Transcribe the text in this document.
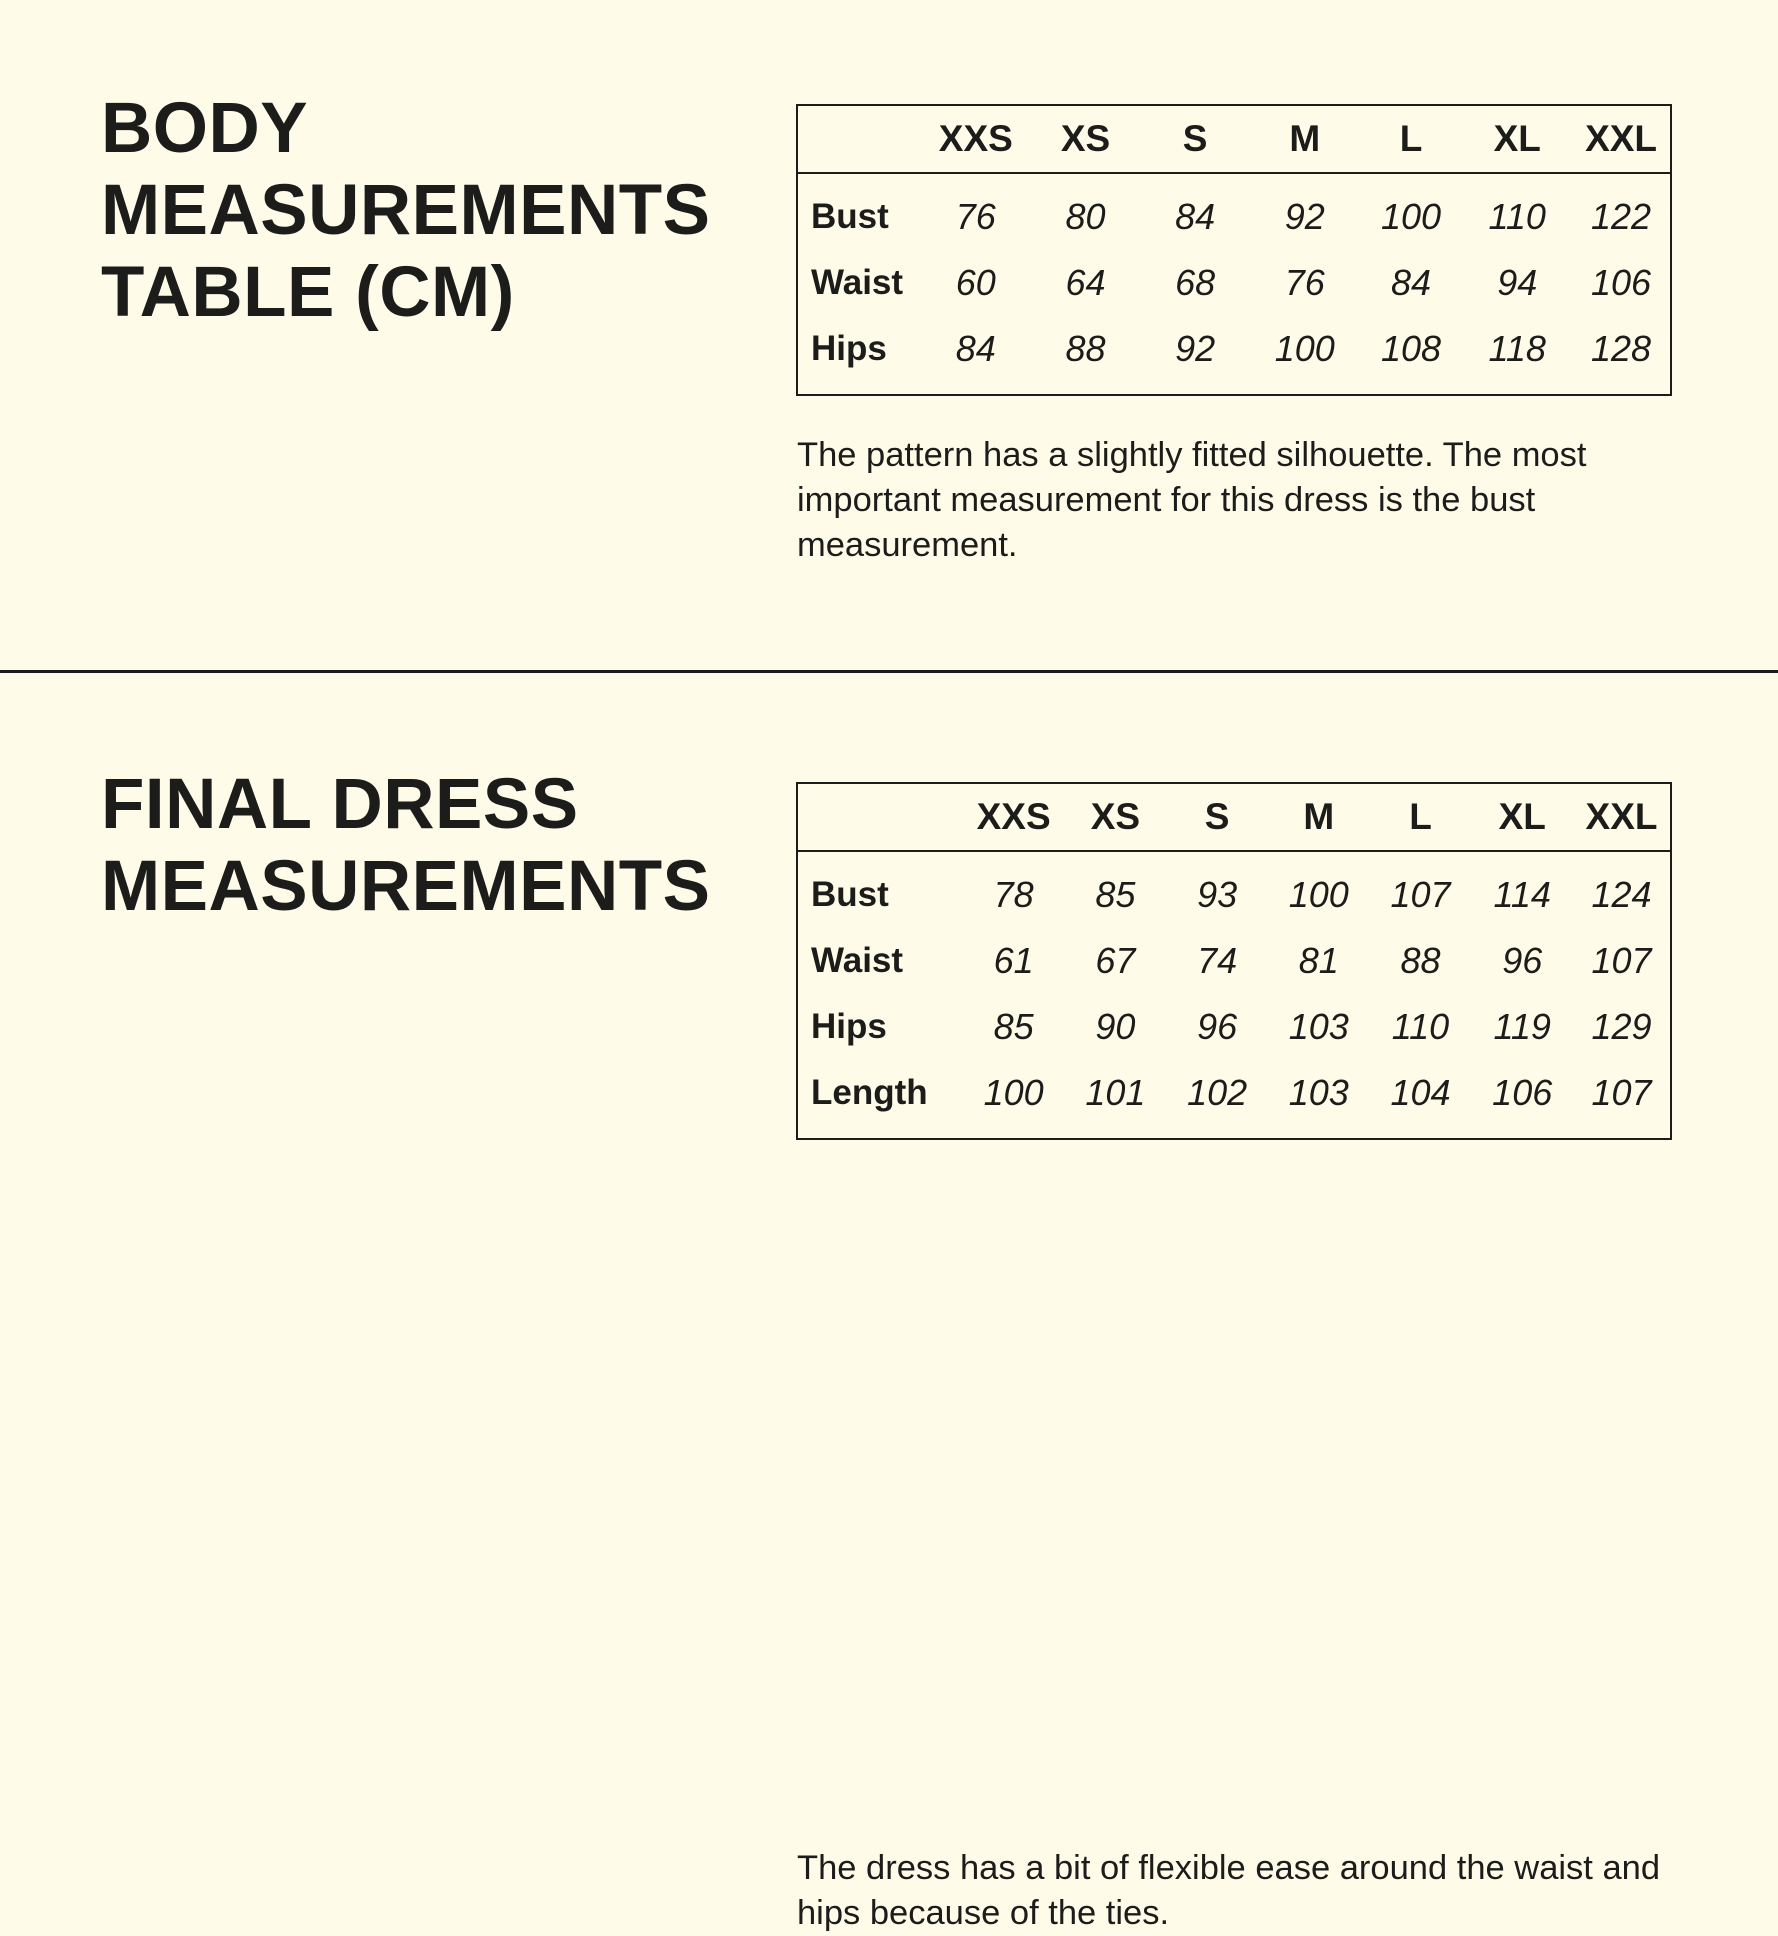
BODY
MEASUREMENTS
TABLE (CM)
	XXS	XS	S	M	L	XL	XXL
Bust	76	80	84	92	100	110	122
Waist	60	64	68	76	84	94	106
Hips	84	88	92	100	108	118	128

The pattern has a slightly fitted silhouette. The most important measurement for this dress is the bust measurement.

FINAL DRESS
MEASUREMENTS
	XXS	XS	S	M	L	XL	XXL
Bust	78	85	93	100	107	114	124
Waist	61	67	74	81	88	96	107
Hips	85	90	96	103	110	119	129
Length	100	101	102	103	104	106	107

The dress has a bit of flexible ease around the waist and hips because of the ties.
